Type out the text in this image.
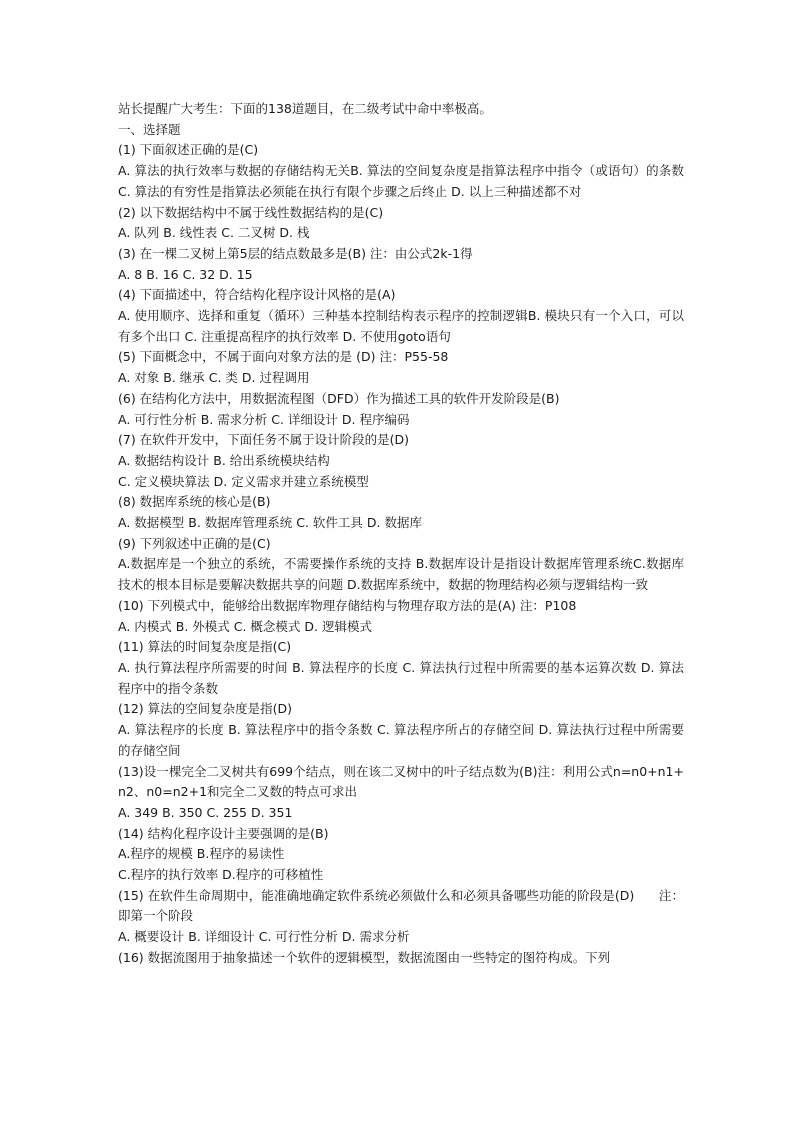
站长提醒广大考生：下面的138道题目，在二级考试中命中率极高。
一、选择题
(1) 下面叙述正确的是(C)
A. 算法的执行效率与数据的存储结构无关B. 算法的空间复杂度是指算法程序中指令（或语句）的条数 C. 算法的有穷性是指算法必须能在执行有限个步骤之后终止 D. 以上三种描述都不对
(2) 以下数据结构中不属于线性数据结构的是(C)
A. 队列 B. 线性表 C. 二叉树 D. 栈
(3) 在一棵二叉树上第5层的结点数最多是(B) 注：由公式2k-1得
A. 8 B. 16 C. 32 D. 15
(4) 下面描述中，符合结构化程序设计风格的是(A)
A. 使用顺序、选择和重复（循环）三种基本控制结构表示程序的控制逻辑B. 模块只有一个入口，可以有多个出口 C. 注重提高程序的执行效率 D. 不使用goto语句
(5) 下面概念中，不属于面向对象方法的是 (D) 注：P55-58
A. 对象 B. 继承 C. 类 D. 过程调用
(6) 在结构化方法中，用数据流程图（DFD）作为描述工具的软件开发阶段是(B)
A. 可行性分析 B. 需求分析 C. 详细设计 D. 程序编码
(7) 在软件开发中，下面任务不属于设计阶段的是(D)
A. 数据结构设计 B. 给出系统模块结构
C. 定义模块算法 D. 定义需求并建立系统模型
(8) 数据库系统的核心是(B)
A. 数据模型 B. 数据库管理系统 C. 软件工具 D. 数据库
(9) 下列叙述中正确的是(C)
A.数据库是一个独立的系统，不需要操作系统的支持 B.数据库设计是指设计数据库管理系统C.数据库技术的根本目标是要解决数据共享的问题 D.数据库系统中，数据的物理结构必须与逻辑结构一致
(10) 下列模式中，能够给出数据库物理存储结构与物理存取方法的是(A) 注：P108
A. 内模式 B. 外模式 C. 概念模式 D. 逻辑模式
(11) 算法的时间复杂度是指(C)
A. 执行算法程序所需要的时间 B. 算法程序的长度 C. 算法执行过程中所需要的基本运算次数 D. 算法程序中的指令条数
(12) 算法的空间复杂度是指(D)
A. 算法程序的长度 B. 算法程序中的指令条数 C. 算法程序所占的存储空间 D. 算法执行过程中所需要的存储空间
(13)设一棵完全二叉树共有699个结点，则在该二叉树中的叶子结点数为(B)注：利用公式n=n0+n1+n2、n0=n2+1和完全二叉数的特点可求出
A. 349 B. 350 C. 255 D. 351
(14) 结构化程序设计主要强调的是(B)
A.程序的规模 B.程序的易读性
C.程序的执行效率 D.程序的可移植性
(15) 在软件生命周期中，能准确地确定软件系统必须做什么和必须具备哪些功能的阶段是(D)      注：即第一个阶段
A. 概要设计 B. 详细设计 C. 可行性分析 D. 需求分析
(16) 数据流图用于抽象描述一个软件的逻辑模型，数据流图由一些特定的图符构成。下列
